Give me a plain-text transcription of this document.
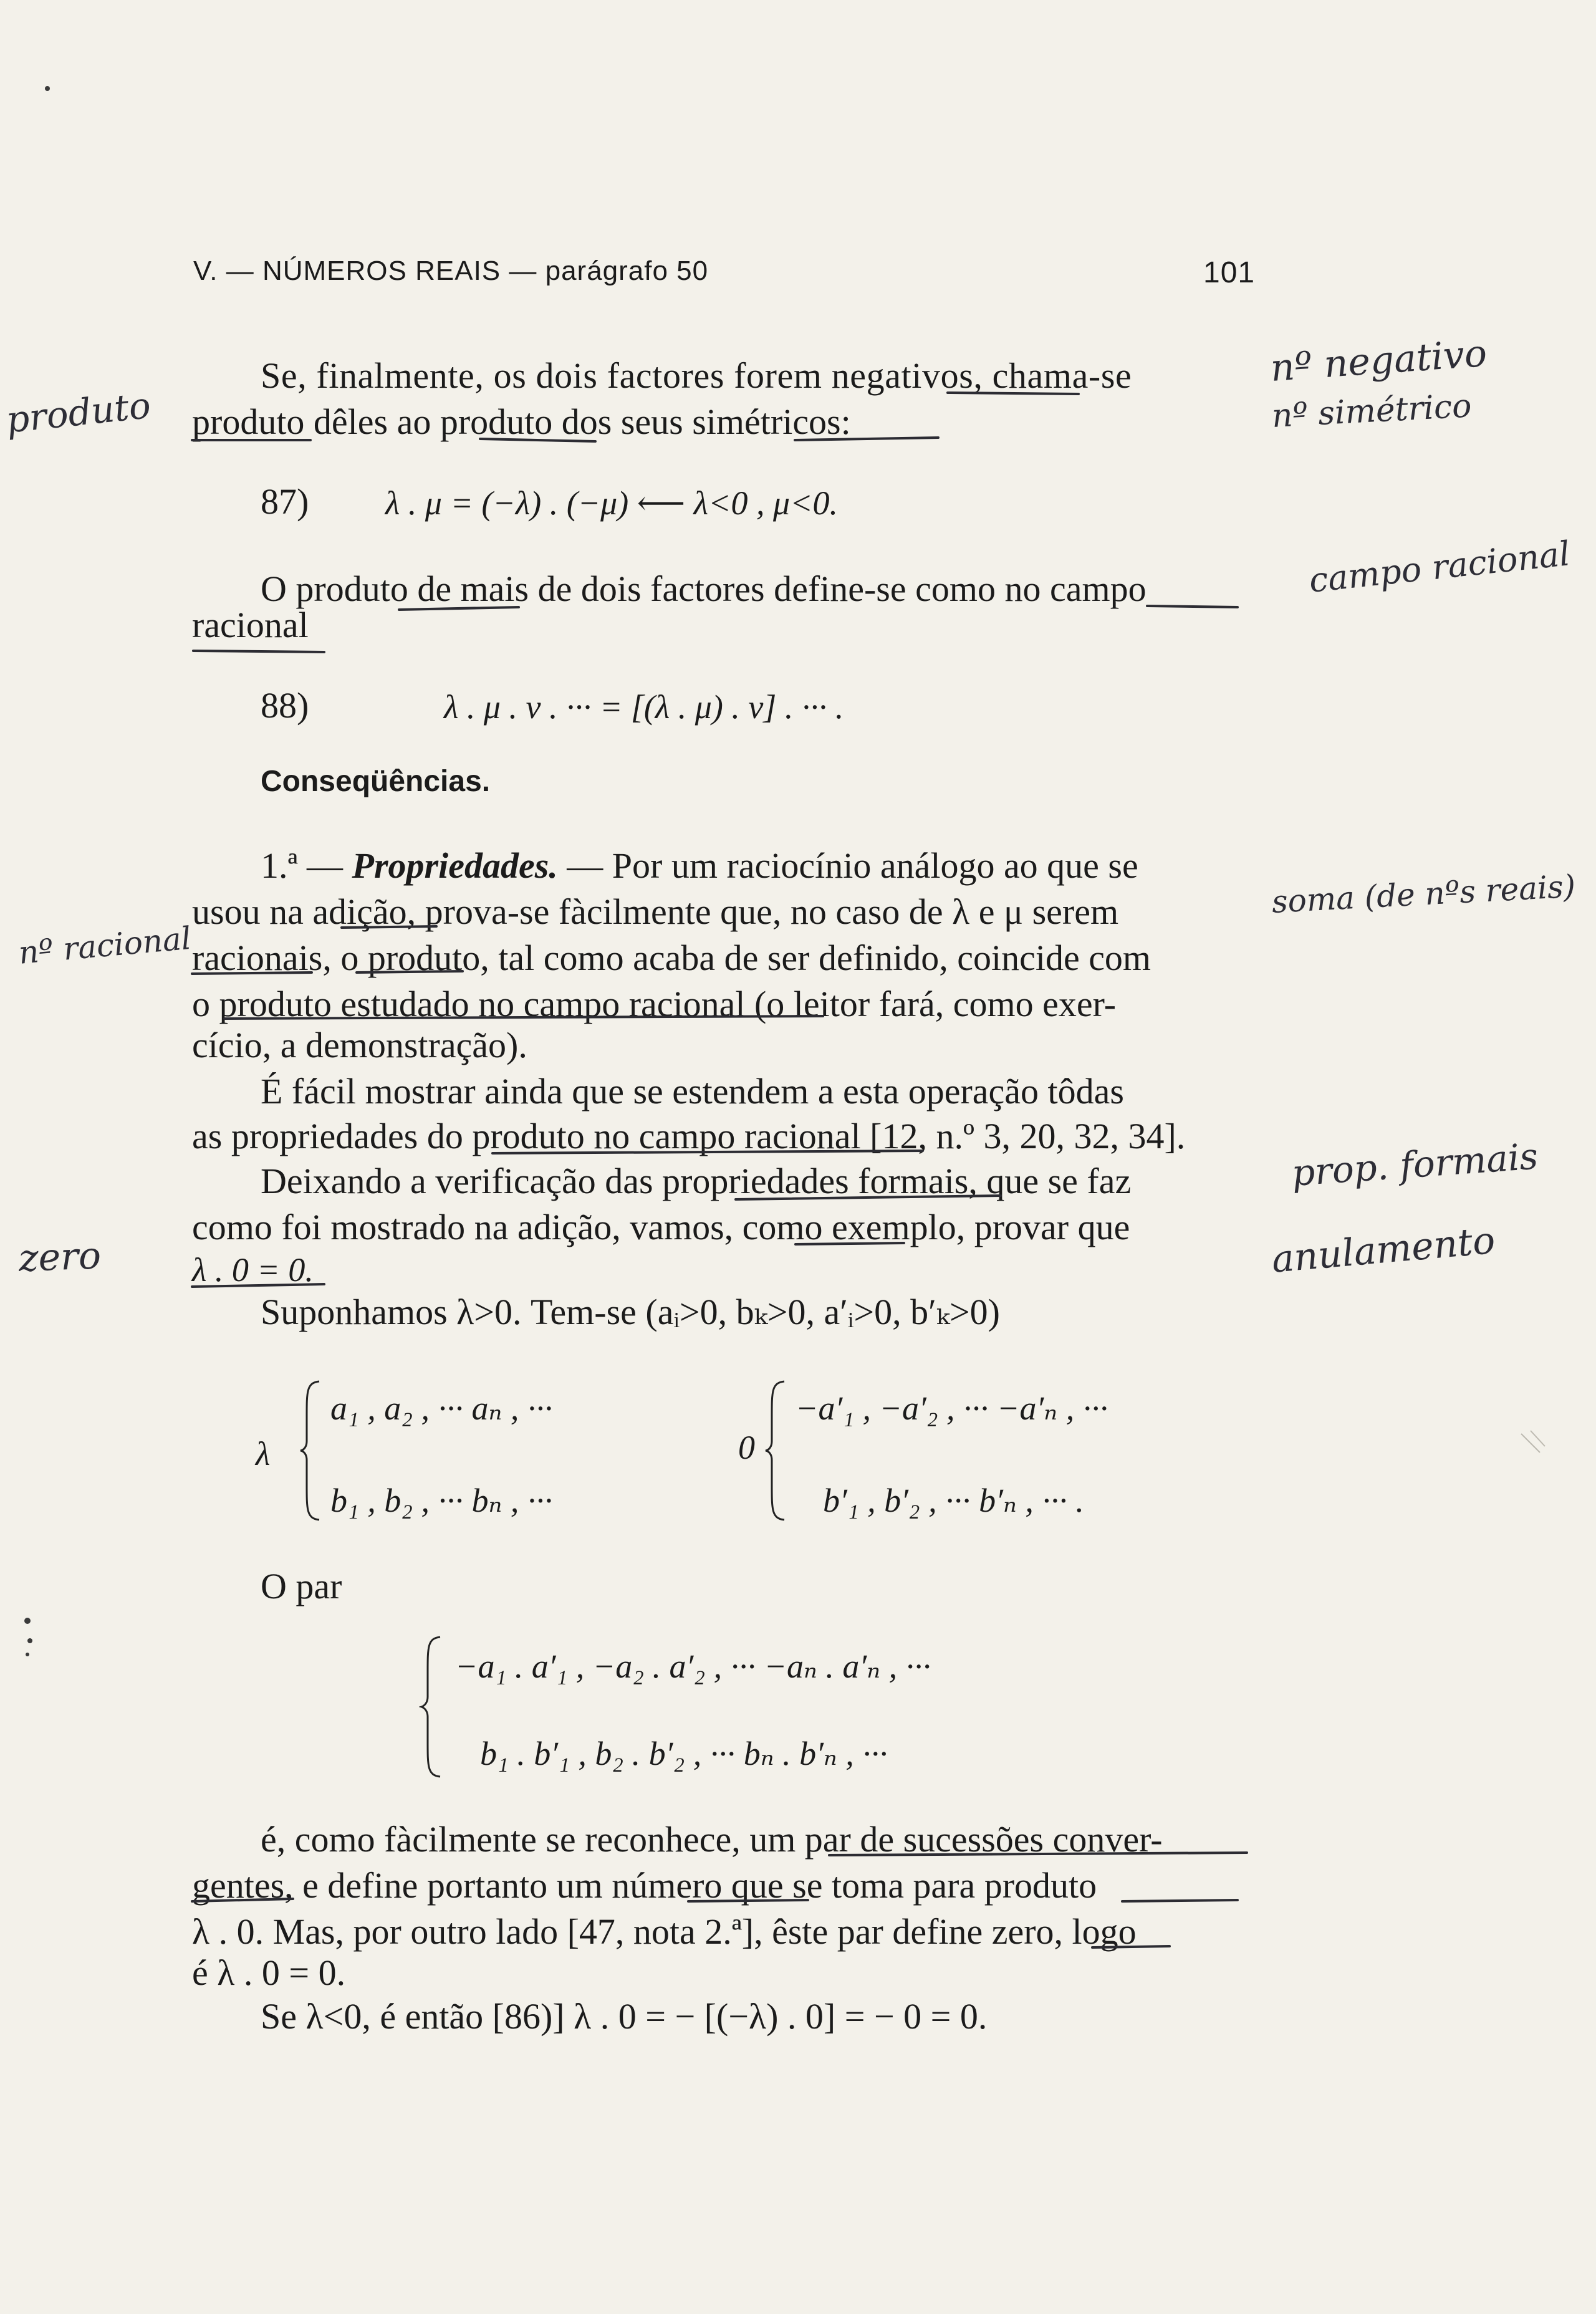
V. — NÚMEROS REAIS — parágrafo 50	101
Se, finalmente, os dois factores forem negativos, chama-se
produto dêles ao produto dos seus simétricos:
87) λ . μ = (−λ) . (−μ) ⟵ λ<0 , μ<0.
O produto de mais de dois factores define-se como no campo
racional
88)	λ . μ . ν . ··· = [(λ . μ) . ν] . ··· .
Conseqüências.
1.ª — Propriedades. — Por um raciocínio análogo ao que se
usou na adição, prova-se fàcilmente que, no caso de λ e μ serem
racionais, o produto, tal como acaba de ser definido, coincide com
o produto estudado no campo racional (o leitor fará, como exer-
cício, a demonstração).
É fácil mostrar ainda que se estendem a esta operação tôdas
as propriedades do produto no campo racional [12, n.º 3, 20, 32, 34].
Deixando a verificação das propriedades formais, que se faz
como foi mostrado na adição, vamos, como exemplo, provar que
λ . 0 = 0.
Suponhamos λ>0. Tem-se (aᵢ>0, bₖ>0, a′ᵢ>0, b′ₖ>0)
λ
a₁ , a₂ , ··· aₙ , ···
b₁ , b₂ , ··· bₙ , ···
0
−a′₁ , −a′₂ , ··· −a′ₙ , ···
b′₁ , b′₂ , ··· b′ₙ , ··· .
O par
−a₁ . a′₁ , −a₂ . a′₂ , ··· −aₙ . a′ₙ , ···
b₁ . b′₁ , b₂ . b′₂ , ··· bₙ . b′ₙ , ···
é, como fàcilmente se reconhece, um par de sucessões conver-
gentes, e define portanto um número que se toma para produto
λ . 0. Mas, por outro lado [47, nota 2.ª], êste par define zero, logo
é λ . 0 = 0.
Se λ<0, é então [86)] λ . 0 = − [(−λ) . 0] = − 0 = 0.
nº negativo
nº simétrico
produto
campo racional
soma (de nºs reais)
nº racional
prop. formais
anulamento
zero
